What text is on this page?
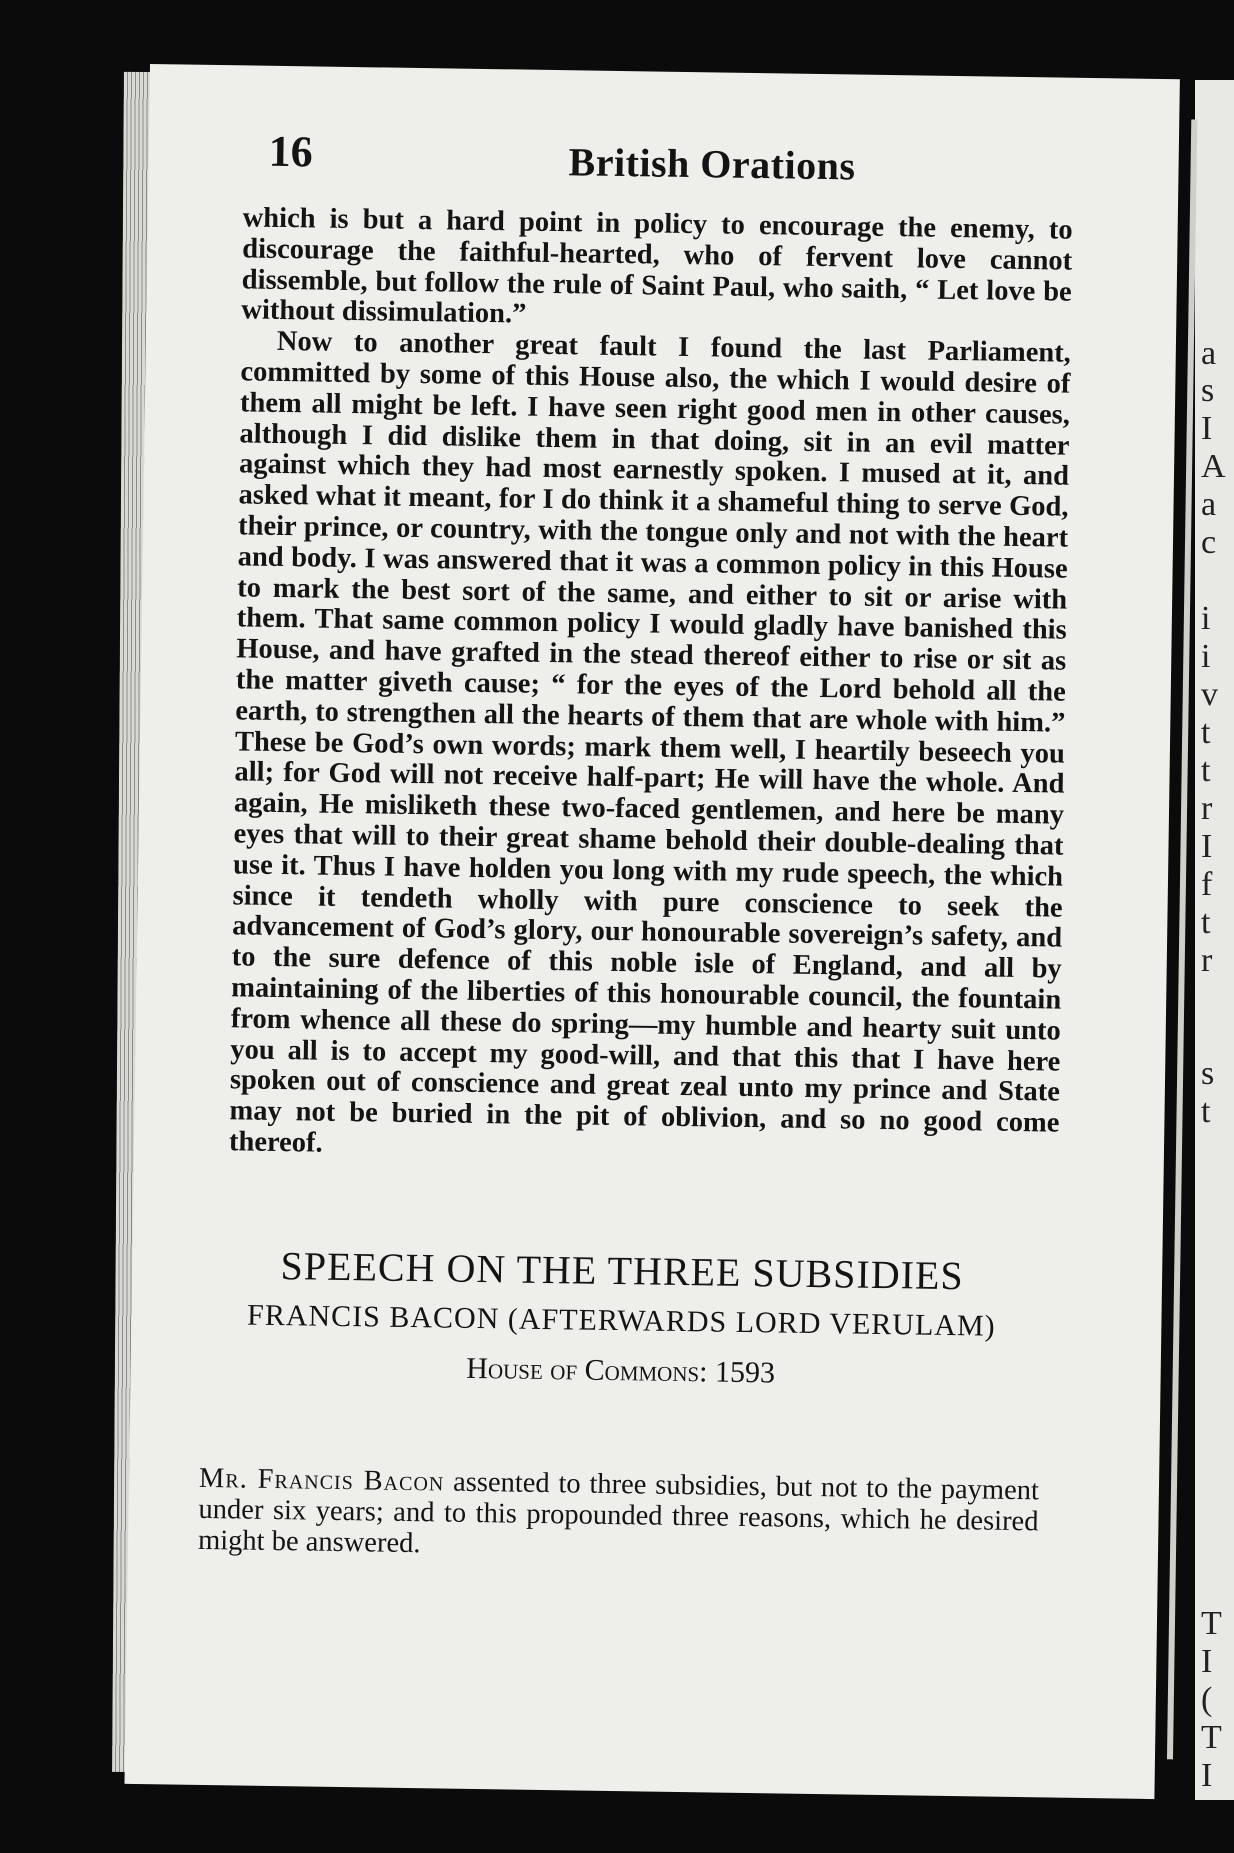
a
s
I
A
a
c
i
i
v
t
t
r
I
f
t
r
s
t
T
I
(
T
I
16	British Orations

which is but a hard point in policy to encourage the enemy, to discourage the faithful-hearted, who of fervent love cannot dissemble, but follow the rule of Saint Paul, who saith, “ Let love be without dissimulation.”

Now to another great fault I found the last Parliament, committed by some of this House also, the which I would desire of them all might be left. I have seen right good men in other causes, although I did dislike them in that doing, sit in an evil matter against which they had most earnestly spoken. I mused at it, and asked what it meant, for I do think it a shameful thing to serve God, their prince, or country, with the tongue only and not with the heart and body. I was answered that it was a common policy in this House to mark the best sort of the same, and either to sit or arise with them. That same common policy I would gladly have banished this House, and have grafted in the stead thereof either to rise or sit as the matter giveth cause; “ for the eyes of the Lord behold all the earth, to strengthen all the hearts of them that are whole with him.” These be God’s own words; mark them well, I heartily beseech you all; for God will not receive half-part; He will have the whole. And again, He misliketh these two-faced gentlemen, and here be many eyes that will to their great shame behold their double-dealing that use it. Thus I have holden you long with my rude speech, the which since it tendeth wholly with pure conscience to seek the advancement of God’s glory, our honourable sovereign’s safety, and to the sure defence of this noble isle of England, and all by maintaining of the liberties of this honourable council, the fountain from whence all these do spring—my humble and hearty suit unto you all is to accept my good-will, and that this that I have here spoken out of conscience and great zeal unto my prince and State may not be buried in the pit of oblivion, and so no good come thereof.

SPEECH ON THE THREE SUBSIDIES
FRANCIS BACON (AFTERWARDS LORD VERULAM)
House of Commons: 1593
Mr. Francis Bacon assented to three subsidies, but not to the payment under six years; and to this propounded three reasons, which he desired might be answered.
